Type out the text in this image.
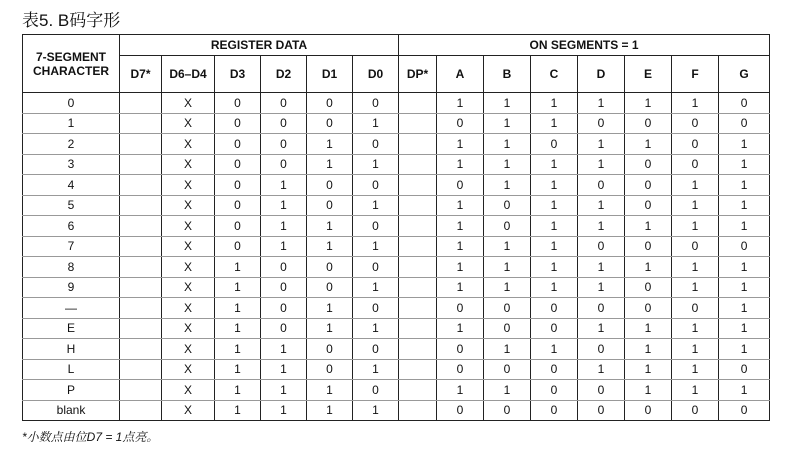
表5. B码字形
7-SEGMENT CHARACTER	REGISTER DATA						ON SEGMENTS = 1							
	D7*	D6–D4	D3	D2	D1	D0	DP*	A	B	C	D	E	F	G
0		X	0	0	0	0		1	1	1	1	1	1	0
1		X	0	0	0	1		0	1	1	0	0	0	0
2		X	0	0	1	0		1	1	0	1	1	0	1
3		X	0	0	1	1		1	1	1	1	0	0	1
4		X	0	1	0	0		0	1	1	0	0	1	1
5		X	0	1	0	1		1	0	1	1	0	1	1
6		X	0	1	1	0		1	0	1	1	1	1	1
7		X	0	1	1	1		1	1	1	0	0	0	0
8		X	1	0	0	0		1	1	1	1	1	1	1
9		X	1	0	0	1		1	1	1	1	0	1	1
—		X	1	0	1	0		0	0	0	0	0	0	1
E		X	1	0	1	1		1	0	0	1	1	1	1
H		X	1	1	0	0		0	1	1	0	1	1	1
L		X	1	1	0	1		0	0	0	1	1	1	0
P		X	1	1	1	0		1	1	0	0	1	1	1
blank		X	1	1	1	1		0	0	0	0	0	0	0
*小数点由位D7 = 1点亮。
